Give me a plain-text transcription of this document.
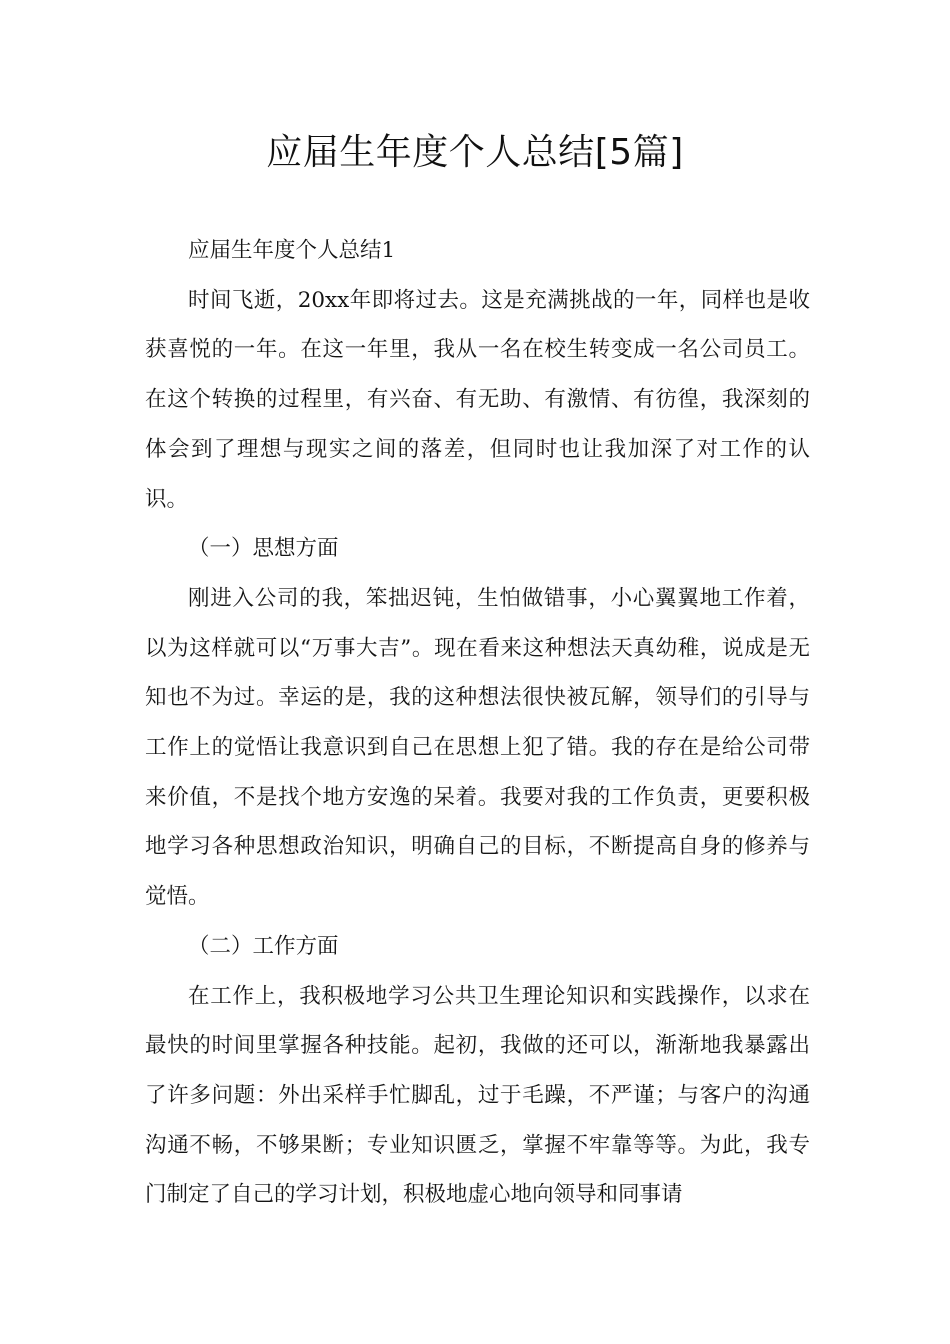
应届生年度个人总结[5篇]

应届生年度个人总结1

时间飞逝，20xx年即将过去。这是充满挑战的一年，同样也是收获喜悦的一年。在这一年里，我从一名在校生转变成一名公司员工。在这个转换的过程里，有兴奋、有无助、有激情、有彷徨，我深刻的体会到了理想与现实之间的落差，但同时也让我加深了对工作的认识。

（一）思想方面

刚进入公司的我，笨拙迟钝，生怕做错事，小心翼翼地工作着，以为这样就可以“万事大吉”。现在看来这种想法天真幼稚，说成是无知也不为过。幸运的是，我的这种想法很快被瓦解，领导们的引导与工作上的觉悟让我意识到自己在思想上犯了错。我的存在是给公司带来价值，不是找个地方安逸的呆着。我要对我的工作负责，更要积极地学习各种思想政治知识，明确自己的目标，不断提高自身的修养与觉悟。

（二）工作方面

在工作上，我积极地学习公共卫生理论知识和实践操作，以求在最快的时间里掌握各种技能。起初，我做的还可以，渐渐地我暴露出了许多问题：外出采样手忙脚乱，过于毛躁，不严谨；与客户的沟通沟通不畅，不够果断；专业知识匮乏，掌握不牢靠等等。为此，我专门制定了自己的学习计划，积极地虚心地向领导和同事请
